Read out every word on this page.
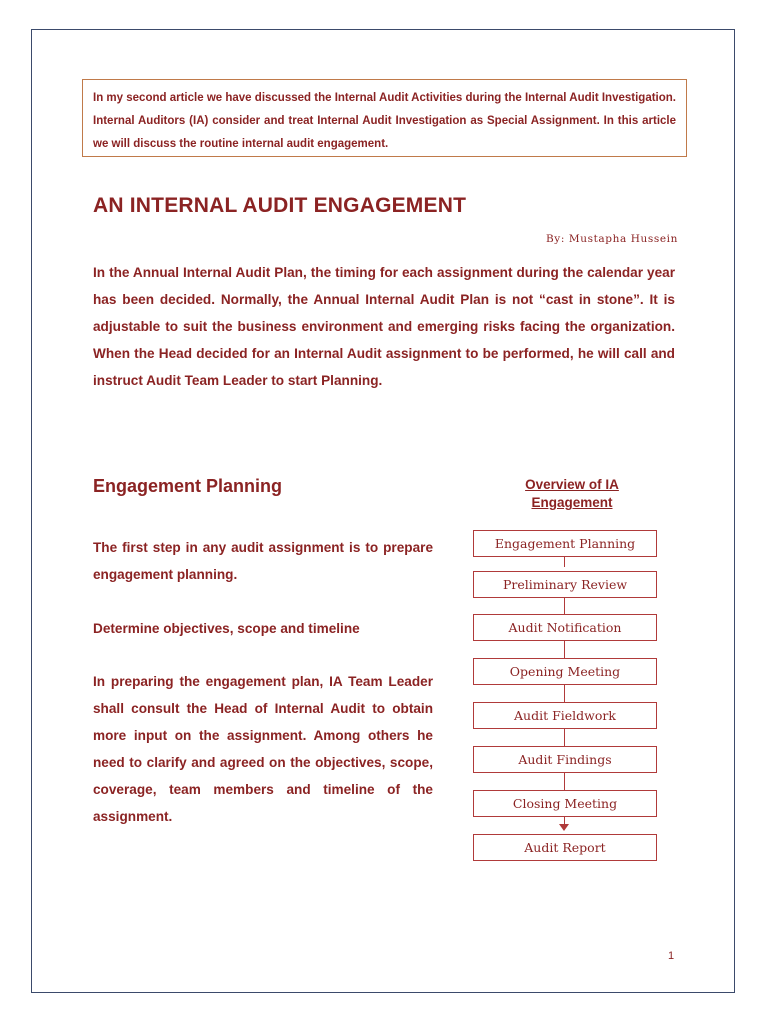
In my second article we have discussed the Internal Audit Activities during the Internal Audit Investigation. Internal Auditors (IA) consider and treat Internal Audit Investigation as Special Assignment. In this article we will discuss the routine internal audit engagement.
AN INTERNAL AUDIT ENGAGEMENT
By: Mustapha Hussein

In the Annual Internal Audit Plan, the timing for each assignment during the calendar year has been decided. Normally, the Annual Internal Audit Plan is not “cast in stone”. It is adjustable to suit the business environment and emerging risks facing the organization. When the Head decided for an Internal Audit assignment to be performed, he will call and instruct Audit Team Leader to start Planning.

Engagement Planning

The first step in any audit assignment is to prepare engagement planning.

Determine objectives, scope and timeline

In preparing the engagement plan, IA Team Leader shall consult the Head of Internal Audit to obtain more input on the assignment. Among others he need to clarify and agreed on the objectives, scope, coverage, team members and timeline of the assignment.

Overview of IA
Engagement
Engagement Planning
Preliminary Review
Audit Notification
Opening Meeting
Audit Fieldwork
Audit Findings
Closing Meeting
Audit Report
1
